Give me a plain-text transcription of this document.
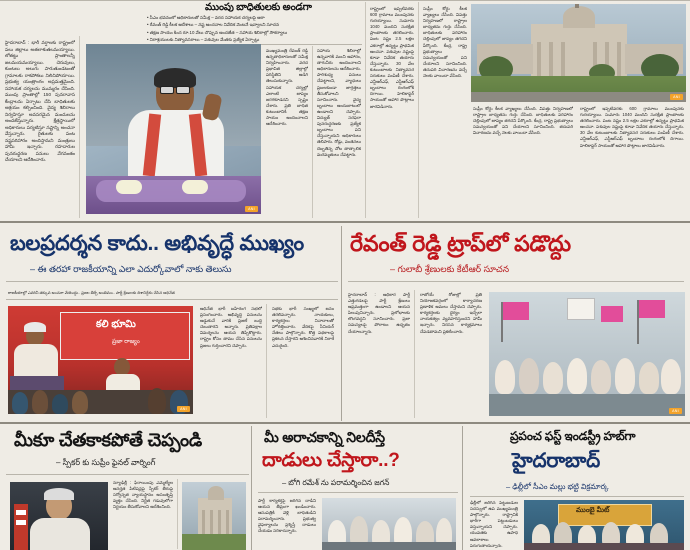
ముంపు బాధితులకు అండగా
• సీఎం భవనంలో అధికారులతో సమీక్ష – వరద సహాయక చర్యలపై ఆరా
• రేవంత్ రెడ్డి కీలక ఆదేశాలు – నష్ట అంచనాల నివేదిక వెంటనే ఇవ్వాలని సూచన
• తక్షణ సాయం కింద రూ.10 వేలు చొప్పున అందజేత – సహాయ శిబిరాల్లో సౌకర్యాలు
• నిరాశ్రయులకు నిత్యావసరాలు – పశువుల మేతకు ప్రత్యేక ఏర్పాట్లు
హైదరాబాద్ : భారీ వర్షాలకు రాష్ట్రంలో పలు జిల్లాలు అతలాకుతలమయ్యాయి. లోతట్టు ప్రాంతాలన్నీ జలమయమయ్యాయి. చెరువులు, కుంటలు అలుగు పారుతుండటంతో గ్రామాలకు రాకపోకలు నిలిచిపోయాయి. ప్రభుత్వ యంత్రాంగం అప్రమత్తమైంది. సహాయక చర్యలను ముమ్మరం చేసింది. ముంపు ప్రాంతాల్లో 150 పునరావాస కేంద్రాలను ఏర్పాటు చేసి బాధితులకు ఆశ్రయం కల్పించింది. వైద్య శిబిరాలు నిర్వహిస్తూ అవసరమైన మందులను అందజేస్తున్నారు. క్షేత్రస్థాయిలో అధికారులు పర్యటిస్తూ నష్టాన్ని అంచనా వేస్తున్నారు. రైతులకు పంట నష్టపరిహారం అందిస్తామని మంత్రులు హామీ ఇచ్చారు. రహదారుల పునరుద్ధరణ పనులు వేగవంతం చేయాలని ఆదేశించారు.
ANI
ముఖ్యమంత్రి రేవంత్ రెడ్డి ఉన్నతాధికారులతో సమీక్ష నిర్వహించారు. వరద ప్రభావిత జిల్లాల్లో పరిస్థితిని అడిగి తెలుసుకున్నారు. సహాయక చర్యల్లో ఎలాంటి జాప్యం జరగకూడదని స్పష్టం చేశారు. ప్రతి బాధిత కుటుంబానికి తక్షణ సాయం అందించాలని ఆదేశించారు.
సహాయ శిబిరాల్లో ఉన్నవారికి మంచి ఆహారం, తాగునీరు అందించాలని అధికారులను ఆదేశించారు. పారిశుధ్య పనులు చేపట్టాలని, వ్యాధులు ప్రబలకుండా జాగ్రత్తలు తీసుకోవాలని సూచించారు. వైద్య బృందాలు అందుబాటులో ఉండాలని చెప్పారు. విద్యుత్ సరఫరా పునరుద్ధరణకు ప్రత్యేక బృందాలు పని చేస్తున్నాయని అధికారులు తెలిపారు. రోడ్లు, వంతెనలు దెబ్బతిన్న చోట తాత్కాలిక మరమ్మతులు చేపట్టారు.
రాష్ట్రంలో ఇప్పటివరకు 600 గ్రామాలు ముంపునకు గురయ్యాయి. సుమారు 1040 మందిని సురక్షిత ప్రాంతాలకు తరలించారు. పంట నష్టం 2.5 లక్షల ఎకరాల్లో ఉన్నట్టు ప్రాథమిక అంచనా. పశువుల నష్టంపై కూడా నివేదిక తయారు చేస్తున్నారు. 30 వేల కుటుంబాలకు నిత్యావసర సరుకులు పంపిణీ చేశారు. ఎన్డీఆర్ఎఫ్, ఎస్డీఆర్ఎఫ్ బృందాలు రంగంలోకి దిగాయి. హెలికాప్టర్ సాయంతో ఆహార పొట్లాలు జారవిడిచారు.
సుప్రీం కోర్టు కీలక వ్యాఖ్యలు చేసింది. విపత్తు నిర్వహణలో రాష్ట్రాల బాధ్యతను గుర్తు చేసింది. బాధితులకు పరిహారం చెల్లింపులో జాప్యం తగదని పేర్కొంది. కేంద్ర, రాష్ట్ర ప్రభుత్వాలు సమన్వయంతో పని చేయాలని సూచించింది. తదుపరి విచారణను వచ్చే నెలకు వాయిదా వేసింది.
ANI
సుప్రీం కోర్టు కీలక వ్యాఖ్యలు చేసింది. విపత్తు నిర్వహణలో రాష్ట్రాల బాధ్యతను గుర్తు చేసింది. బాధితులకు పరిహారం చెల్లింపులో జాప్యం తగదని పేర్కొంది. కేంద్ర, రాష్ట్ర ప్రభుత్వాలు సమన్వయంతో పని చేయాలని సూచించింది. తదుపరి విచారణను వచ్చే నెలకు వాయిదా వేసింది.
రాష్ట్రంలో ఇప్పటివరకు 600 గ్రామాలు ముంపునకు గురయ్యాయి. సుమారు 1040 మందిని సురక్షిత ప్రాంతాలకు తరలించారు. పంట నష్టం 2.5 లక్షల ఎకరాల్లో ఉన్నట్టు ప్రాథమిక అంచనా. పశువుల నష్టంపై కూడా నివేదిక తయారు చేస్తున్నారు. 30 వేల కుటుంబాలకు నిత్యావసర సరుకులు పంపిణీ చేశారు. ఎన్డీఆర్ఎఫ్, ఎస్డీఆర్ఎఫ్ బృందాలు రంగంలోకి దిగాయి. హెలికాప్టర్ సాయంతో ఆహార పొట్లాలు జారవిడిచారు.
బలప్రదర్శన కాదు.. అభివృద్ధే ముఖ్యం
– ఈ తరహా రాజకీయాన్ని ఎలా ఎదుర్కోవాలో నాకు తెలుసు
రాజకీయాల్లో ఎవరినీ తక్కువ అంచనా వేయొద్దు.. ప్రజల తీర్పే అంతిమం.. పార్టీ శ్రేణులకు దిశానిర్దేశం చేసిన అధినేత
రేవంత్ రెడ్డి ట్రాప్‌లో పడొద్దు
– గులాబీ శ్రేణులకు కేటీఆర్ సూచన
కలి భూమి
ప్రజా రాజ్యం
ANI
అధినేత భారీ బహిరంగ సభలో ప్రసంగించారు. అభివృద్ధి పనులను అడ్డుకునే వారికి ప్రజలే బుద్ధి చెబుతారని అన్నారు. ప్రతిపక్షాల విమర్శలను ఆయన తిప్పికొట్టారు. రాష్ట్రం కోసం తాము చేసిన పనులను ప్రజలు గుర్తించారని చెప్పారు.
సభకు భారీ సంఖ్యలో జనం తరలివచ్చారు. నాయకులు, కార్యకర్తలు నినాదాలతో హోరెత్తించారు. వేదికపై సీనియర్ నేతలు పాల్గొన్నారు. కొత్త పథకాలపై ప్రకటన చేస్తారని ఆశించినవారికి నిరాశే ఎదురైంది.
హైదరాబాద్ : అధికార పార్టీ ఎత్తుగడలపై పార్టీ శ్రేణులు అప్రమత్తంగా ఉండాలని ఆయన పిలుపునిచ్చారు. ప్రలోభాలకు లొంగవద్దని సూచించారు. ప్రజా సమస్యలపై పోరాటం ఉధృతం చేయాలన్నారు.
రాబోయే రోజుల్లో ప్రతి నియోజకవర్గంలో కార్యాచరణ ప్రణాళిక అమలు చేస్తామని చెప్పారు. కార్యకర్తలకు ధైర్యం ఇచ్చేలా నాయకత్వం వ్యవహరిస్తుందని హామీ ఇచ్చారు. నిరసన కార్యక్రమాలు చేపడతామని ప్రకటించారు.
ANI
మీకూ చేతకాకపోతే చెప్పండి
– స్పీకర్ కు సుప్రీం ఫైనల్ వార్నింగ్
మీ అరాచకాన్ని నిలదీస్తే
దాడులు చేస్తారా..?
– బోగి రమేశ్ ను పరామర్శించిన జగన్
ప్రపంచ ఫస్ట్ ఇండస్ట్రీ హబ్‌గా
హైదరాబాద్
– ఢిల్లీలో సీఎం మల్లు భట్టి విక్రమార్క
న్యూఢిల్లీ : ఫిరాయింపు ఎమ్మెల్యేల అనర్హత పిటిషన్లపై స్పీకర్ తీరుపై సర్వోన్నత న్యాయస్థానం అసంతృప్తి వ్యక్తం చేసింది. నిర్ణీత గడువులోగా నిర్ణయం తీసుకోవాలని ఆదేశించింది.
పార్టీ కార్యకర్తపై జరిగిన దాడిని ఆయన తీవ్రంగా ఖండించారు. ఆసుపత్రికి వెళ్లి బాధితుడిని పరామర్శించారు. ప్రభుత్వ వైఫల్యాలను ప్రశ్నిస్తే దాడులు చేయడం సరికాదన్నారు.
ఢిల్లీలో జరిగిన పెట్టుబడుల సదస్సులో ఉప ముఖ్యమంత్రి పాల్గొన్నారు. రాష్ట్రానికి భారీగా పెట్టుబడులు వస్తున్నాయని చెప్పారు. యువతకు ఉపాధి అవకాశాలు పెరుగుతాయన్నారు.
ముంబై మీట్
